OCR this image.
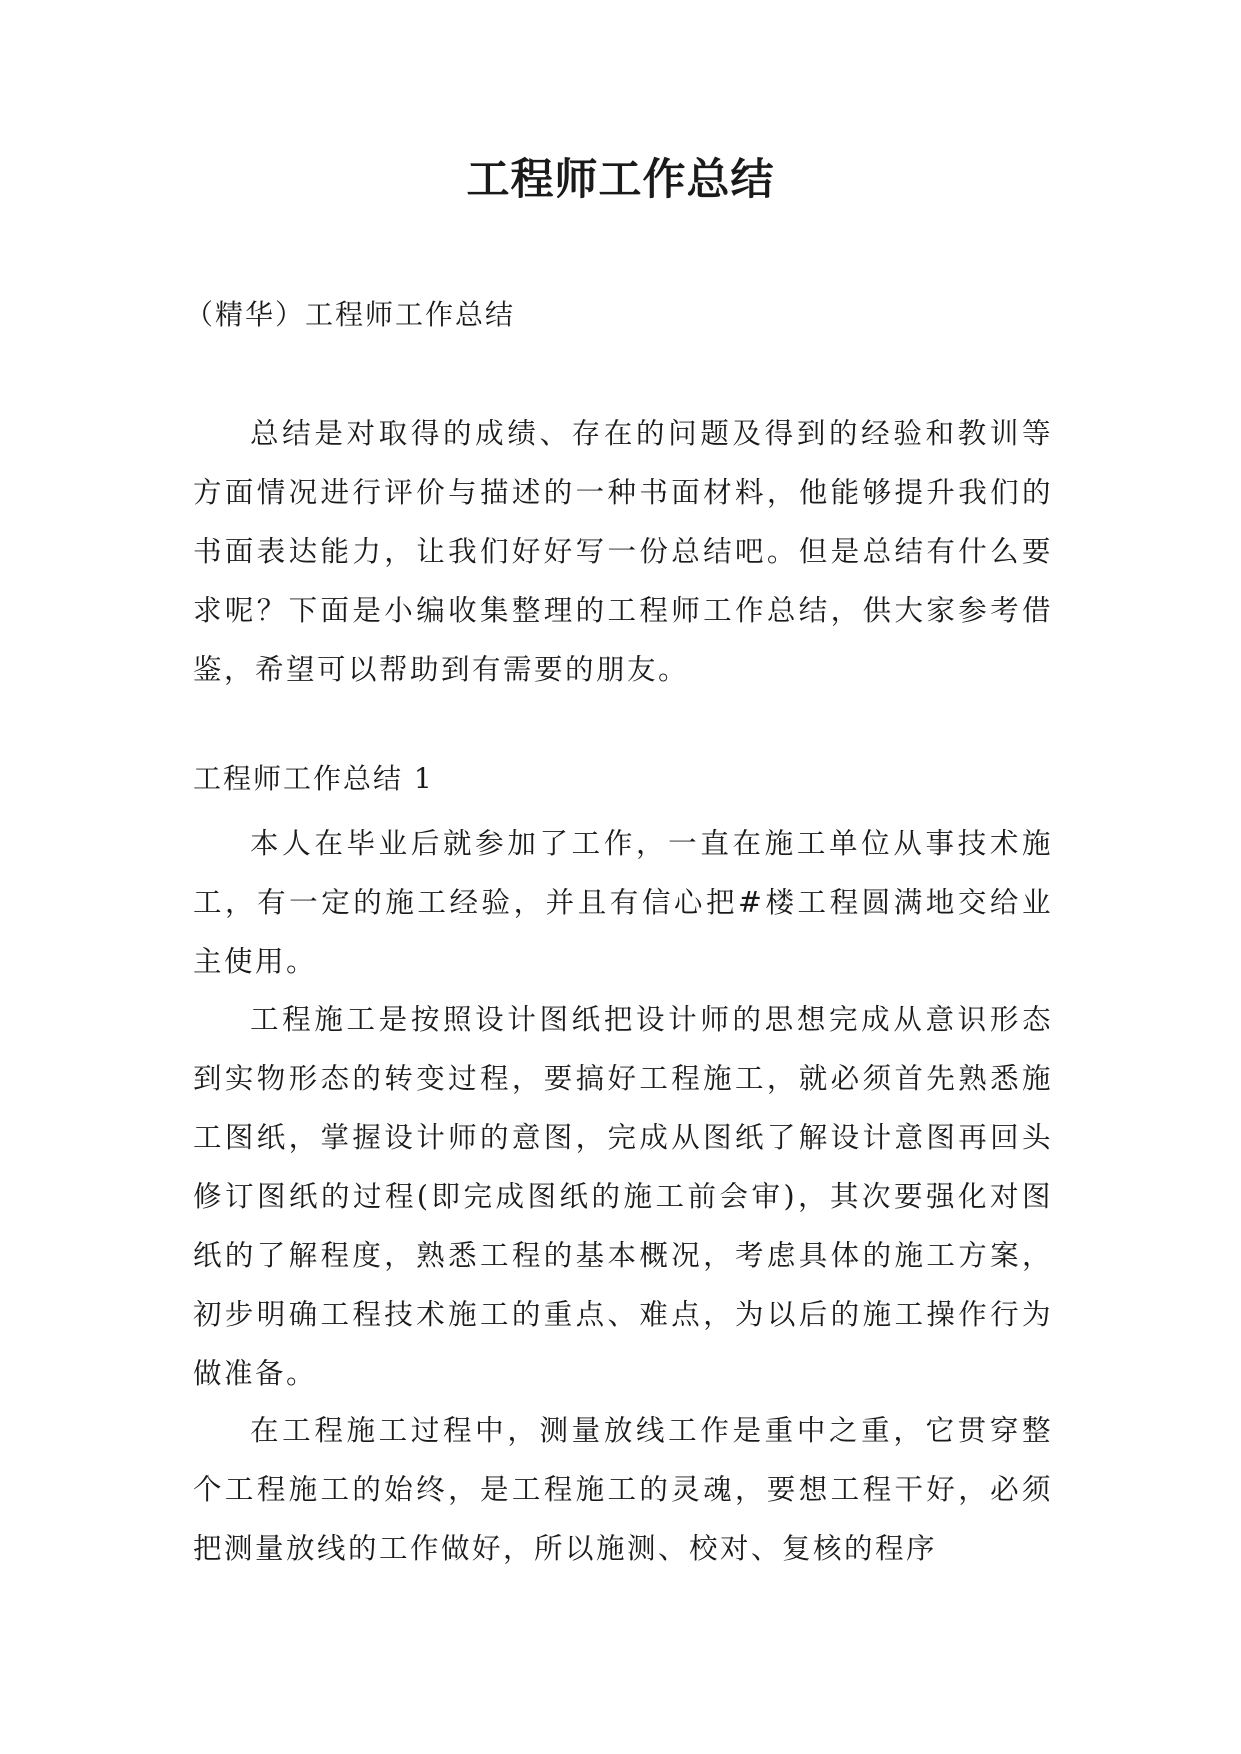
工程师工作总结

（精华）工程师工作总结

总结是对取得的成绩、存在的问题及得到的经验和教训等方面情况进行评价与描述的一种书面材料，他能够提升我们的书面表达能力，让我们好好写一份总结吧。但是总结有什么要求呢？下面是小编收集整理的工程师工作总结，供大家参考借鉴，希望可以帮助到有需要的朋友。

工程师工作总结 1

本人在毕业后就参加了工作，一直在施工单位从事技术施工，有一定的施工经验，并且有信心把#楼工程圆满地交给业主使用。

工程施工是按照设计图纸把设计师的思想完成从意识形态到实物形态的转变过程，要搞好工程施工，就必须首先熟悉施工图纸，掌握设计师的意图，完成从图纸了解设计意图再回头修订图纸的过程(即完成图纸的施工前会审)，其次要强化对图纸的了解程度，熟悉工程的基本概况，考虑具体的施工方案，初步明确工程技术施工的重点、难点，为以后的施工操作行为做准备。

在工程施工过程中，测量放线工作是重中之重，它贯穿整个工程施工的始终，是工程施工的灵魂，要想工程干好，必须把测量放线的工作做好，所以施测、校对、复核的程序
